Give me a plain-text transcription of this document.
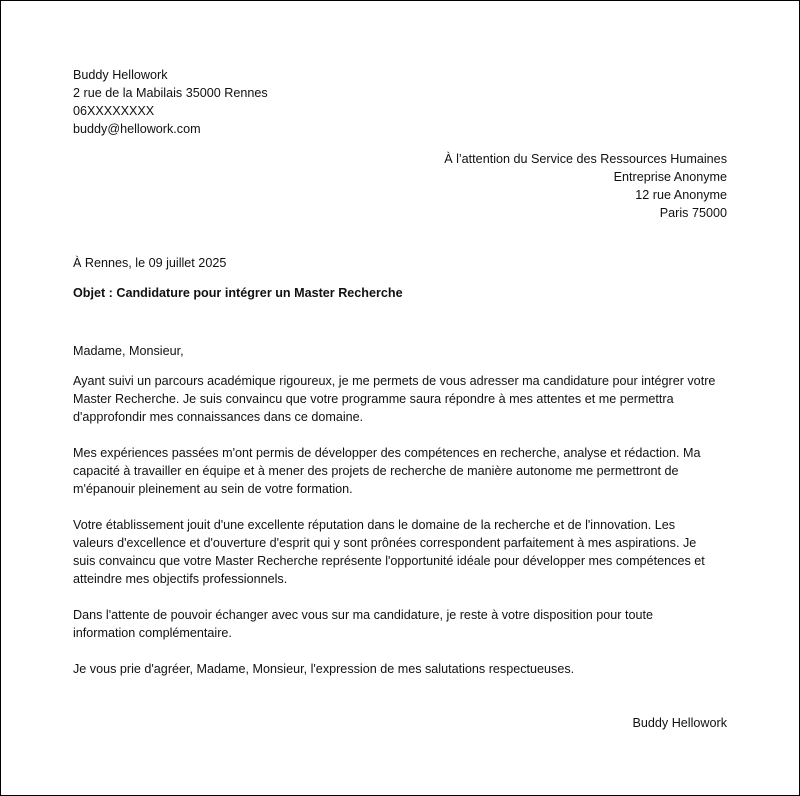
Buddy Hellowork
2 rue de la Mabilais 35000 Rennes
06XXXXXXXX
buddy@hellowork.com
À l’attention du Service des Ressources Humaines
Entreprise Anonyme
12 rue Anonyme
Paris 75000
À Rennes, le 09 juillet 2025
Objet : Candidature pour intégrer un Master Recherche
Madame, Monsieur,
Ayant suivi un parcours académique rigoureux, je me permets de vous adresser ma candidature pour intégrer votre
Master Recherche. Je suis convaincu que votre programme saura répondre à mes attentes et me permettra
d'approfondir mes connaissances dans ce domaine.
Mes expériences passées m'ont permis de développer des compétences en recherche, analyse et rédaction. Ma
capacité à travailler en équipe et à mener des projets de recherche de manière autonome me permettront de
m'épanouir pleinement au sein de votre formation.
Votre établissement jouit d'une excellente réputation dans le domaine de la recherche et de l'innovation. Les
valeurs d'excellence et d'ouverture d'esprit qui y sont prônées correspondent parfaitement à mes aspirations. Je
suis convaincu que votre Master Recherche représente l'opportunité idéale pour développer mes compétences et
atteindre mes objectifs professionnels.
Dans l'attente de pouvoir échanger avec vous sur ma candidature, je reste à votre disposition pour toute
information complémentaire.
Je vous prie d'agréer, Madame, Monsieur, l'expression de mes salutations respectueuses.
Buddy Hellowork
